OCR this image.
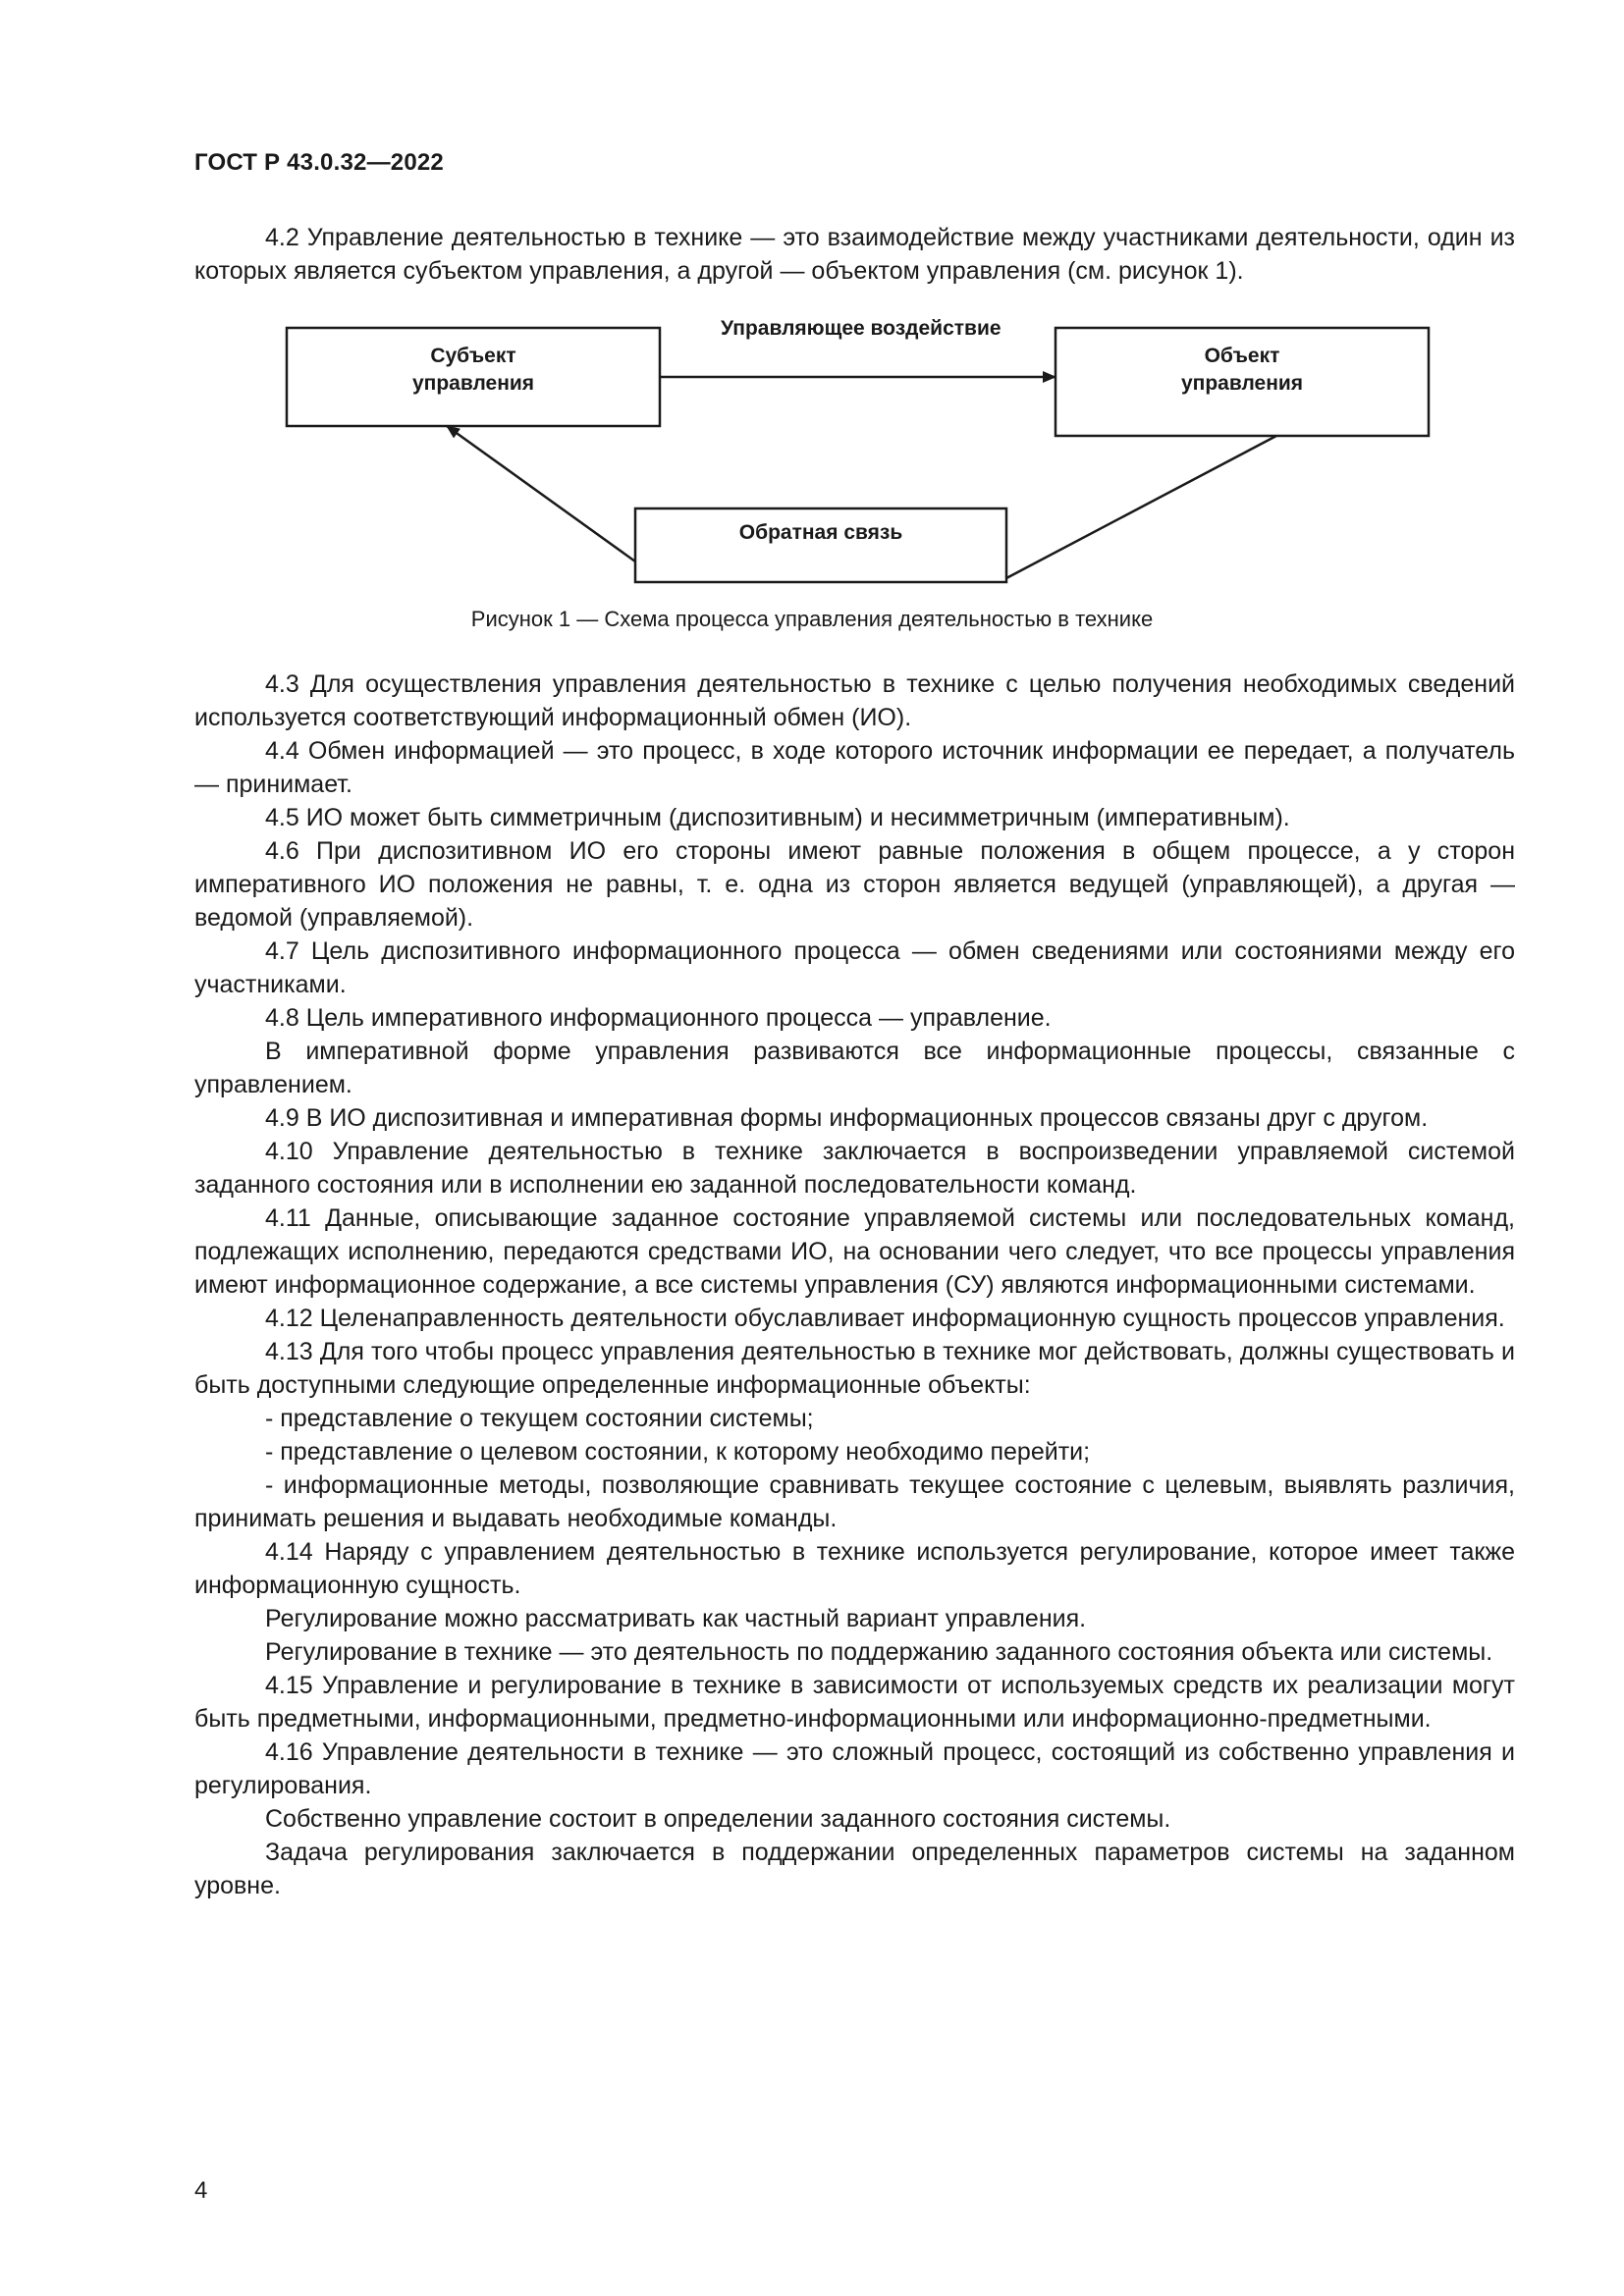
ГОСТ Р 43.0.32—2022

4.2 Управление деятельностью в технике — это взаимодействие между участниками деятельности, один из которых является субъектом управления, а другой — объектом управления (см. рисунок 1).

Субъект
управления
Объект
управления
Управляющее воздействие
Обратная связь
Рисунок 1 — Схема процесса управления деятельностью в технике

4.3 Для осуществления управления деятельностью в технике с целью получения необходимых сведений используется соответствующий информационный обмен (ИО).

4.4 Обмен информацией — это процесс, в ходе которого источник информации ее передает, а получатель — принимает.

4.5 ИО может быть симметричным (диспозитивным) и несимметричным (императивным).

4.6 При диспозитивном ИО его стороны имеют равные положения в общем процессе, а у сторон императивного ИО положения не равны, т. е. одна из сторон является ведущей (управляющей), а другая — ведомой (управляемой).

4.7 Цель диспозитивного информационного процесса — обмен сведениями или состояниями между его участниками.

4.8 Цель императивного информационного процесса — управление.

В императивной форме управления развиваются все информационные процессы, связанные с управлением.

4.9 В ИО диспозитивная и императивная формы информационных процессов связаны друг с другом.

4.10 Управление деятельностью в технике заключается в воспроизведении управляемой системой заданного состояния или в исполнении ею заданной последовательности команд.

4.11 Данные, описывающие заданное состояние управляемой системы или последовательных команд, подлежащих исполнению, передаются средствами ИО, на основании чего следует, что все процессы управления имеют информационное содержание, а все системы управления (СУ) являются информационными системами.

4.12 Целенаправленность деятельности обуславливает информационную сущность процессов управления.

4.13 Для того чтобы процесс управления деятельностью в технике мог действовать, должны существовать и быть доступными следующие определенные информационные объекты:

- представление о текущем состоянии системы;

- представление о целевом состоянии, к которому необходимо перейти;

- информационные методы, позволяющие сравнивать текущее состояние с целевым, выявлять различия, принимать решения и выдавать необходимые команды.

4.14 Наряду с управлением деятельностью в технике используется регулирование, которое имеет также информационную сущность.

Регулирование можно рассматривать как частный вариант управления.

Регулирование в технике — это деятельность по поддержанию заданного состояния объекта или системы.

4.15 Управление и регулирование в технике в зависимости от используемых средств их реализации могут быть предметными, информационными, предметно-информационными или информационно-предметными.

4.16 Управление деятельности в технике — это сложный процесс, состоящий из собственно управления и регулирования.

Собственно управление состоит в определении заданного состояния системы.

Задача регулирования заключается в поддержании определенных параметров системы на заданном уровне.

4
